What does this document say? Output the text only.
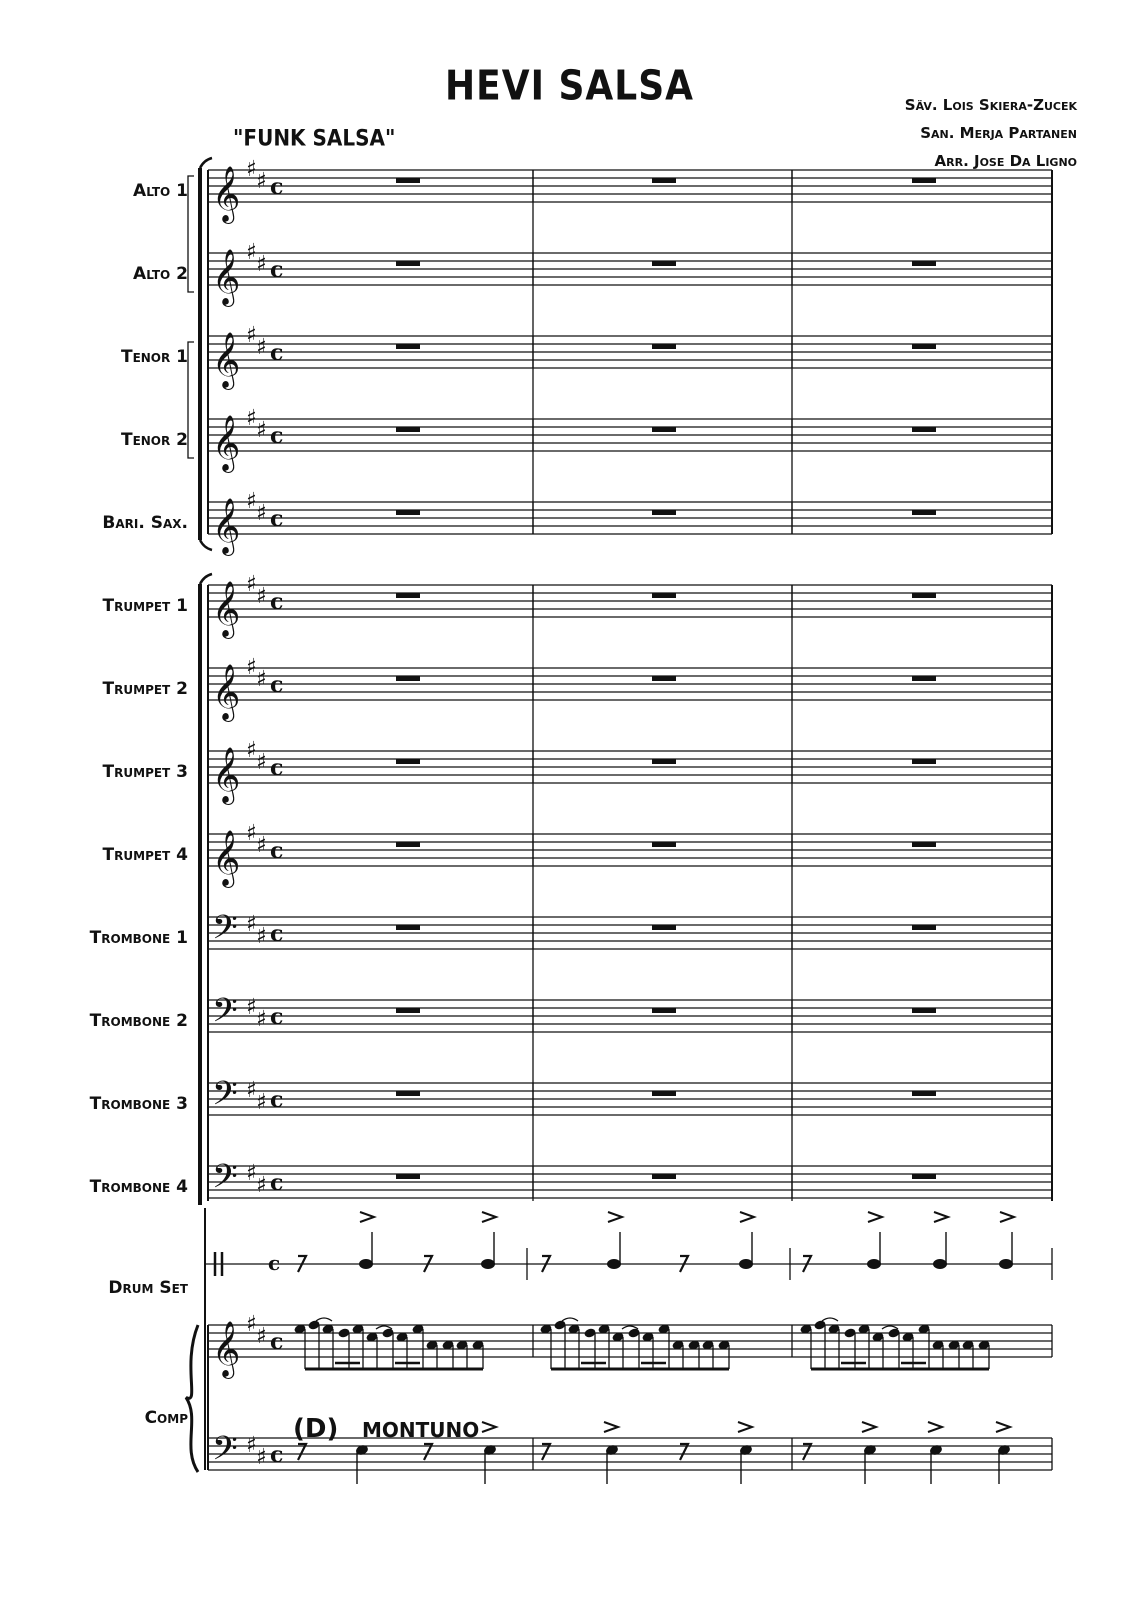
HEVI SALSA	Säv. Lois Skiera-Zucek
San. Merja Partanen
Arr. Jose Da Ligno
"FUNK SALSA"
Alto 1
Alto 2
Tenor 1
Tenor 2
Bari. Sax.
Trumpet 1
Trumpet 2
Trumpet 3
Trumpet 4
Trombone 1
Trombone 2
Trombone 3
Trombone 4
Drum Set
Comp	(D) MONTUNO
𝄞 ♯ ♯ c
𝄞 ♯ ♯ c
𝄞 ♯ ♯ c
𝄞 ♯ ♯ c
𝄞 ♯ ♯ c
𝄞 ♯ ♯ c
𝄞 ♯ ♯ c
𝄞 ♯ ♯ c
𝄞 ♯ ♯ c
𝄢 ♯ ♯ c
𝄢 ♯ ♯ c
𝄢 ♯ ♯ c
𝄢 ♯ ♯ c
c
𝄞 ♯ ♯ c
𝄢 ♯ ♯ c
